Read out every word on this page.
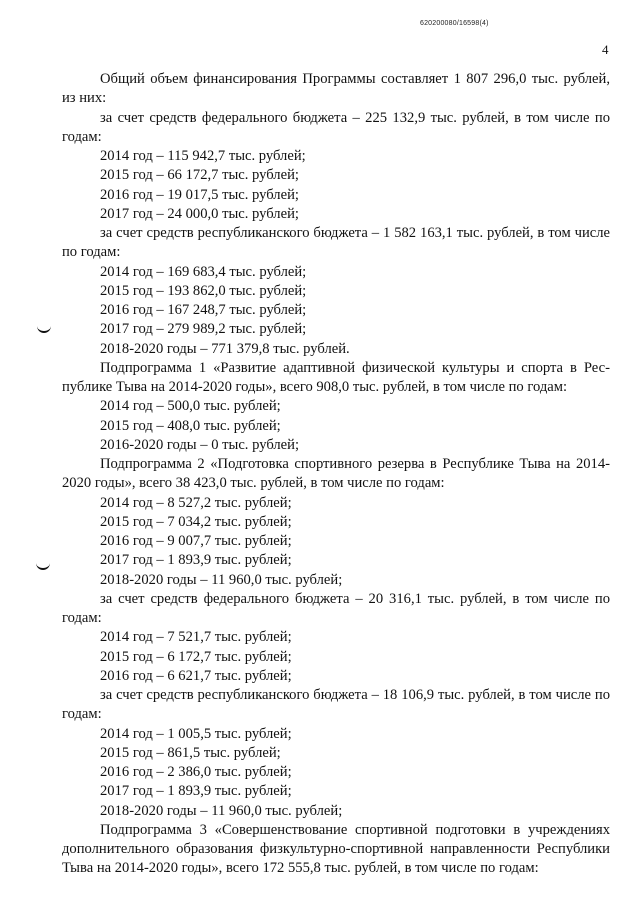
620200080/16598(4)
4

Общий объем финансирования Программы составляет 1 807 296,0 тыс. рублей, из них:

за счет средств федерального бюджета – 225 132,9 тыс. рублей, в том числе по годам:

2014 год – 115 942,7 тыс. рублей;

2015 год – 66 172,7 тыс. рублей;

2016 год – 19 017,5 тыс. рублей;

2017 год – 24 000,0 тыс. рублей;

за счет средств республиканского бюджета – 1 582 163,1 тыс. рублей, в том числе по годам:

2014 год – 169 683,4 тыс. рублей;

2015 год – 193 862,0 тыс. рублей;

2016 год – 167 248,7 тыс. рублей;

2017 год – 279 989,2 тыс. рублей;

2018-2020 годы – 771 379,8 тыс. рублей.

Подпрограмма 1 «Развитие адаптивной физической культуры и спорта в Республике Тыва на 2014-2020 годы», всего 908,0 тыс. рублей, в том числе по годам:

2014 год – 500,0 тыс. рублей;

2015 год – 408,0 тыс. рублей;

2016-2020 годы – 0 тыс. рублей;

Подпрограмма 2 «Подготовка спортивного резерва в Республике Тыва на 2014-2020 годы», всего 38 423,0 тыс. рублей, в том числе по годам:

2014 год – 8 527,2 тыс. рублей;

2015 год – 7 034,2 тыс. рублей;

2016 год – 9 007,7 тыс. рублей;

2017 год – 1 893,9 тыс. рублей;

2018-2020 годы – 11 960,0 тыс. рублей;

за счет средств федерального бюджета – 20 316,1 тыс. рублей, в том числе по годам:

2014 год – 7 521,7 тыс. рублей;

2015 год – 6 172,7 тыс. рублей;

2016 год – 6 621,7 тыс. рублей;

за счет средств республиканского бюджета – 18 106,9 тыс. рублей, в том числе по годам:

2014 год – 1 005,5 тыс. рублей;

2015 год – 861,5 тыс. рублей;

2016 год – 2 386,0 тыс. рублей;

2017 год – 1 893,9 тыс. рублей;

2018-2020 годы – 11 960,0 тыс. рублей;

Подпрограмма 3 «Совершенствование спортивной подготовки в учреждениях дополнительного образования физкультурно-спортивной направленности Республики Тыва на 2014-2020 годы», всего 172 555,8 тыс. рублей, в том числе по годам:
